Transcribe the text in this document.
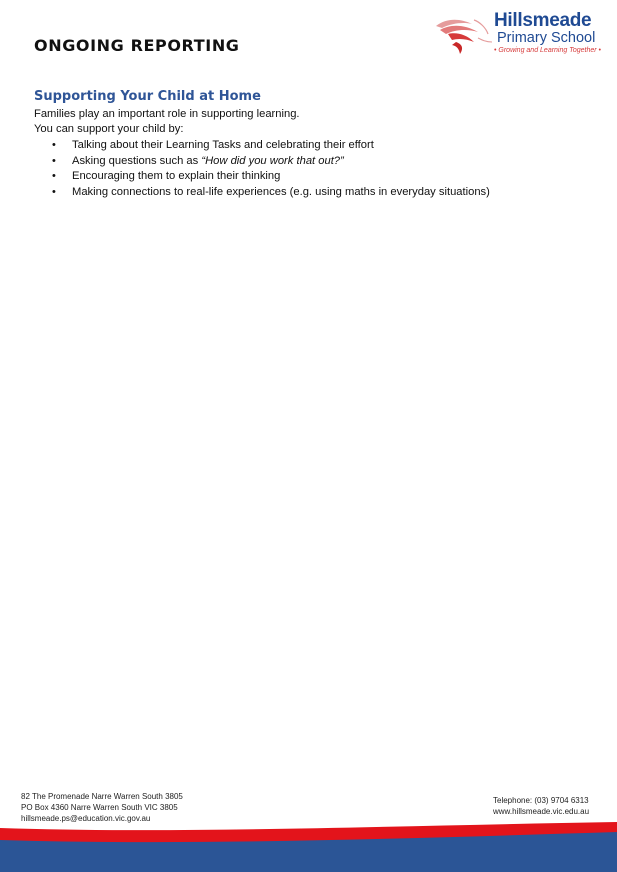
ONGOING REPORTING
Hillsmeade
Primary School
• Growing and Learning Together •
Supporting Your Child at Home
Families play an important role in supporting learning.
You can support your child by:
• Talking about their Learning Tasks and celebrating their effort
• Asking questions such as “How did you work that out?”
• Encouraging them to explain their thinking
• Making connections to real-life experiences (e.g. using maths in everyday situations)
82 The Promenade Narre Warren South 3805
PO Box 4360 Narre Warren South VIC 3805
hillsmeade.ps@education.vic.gov.au
Telephone: (03) 9704 6313
www.hillsmeade.vic.edu.au
